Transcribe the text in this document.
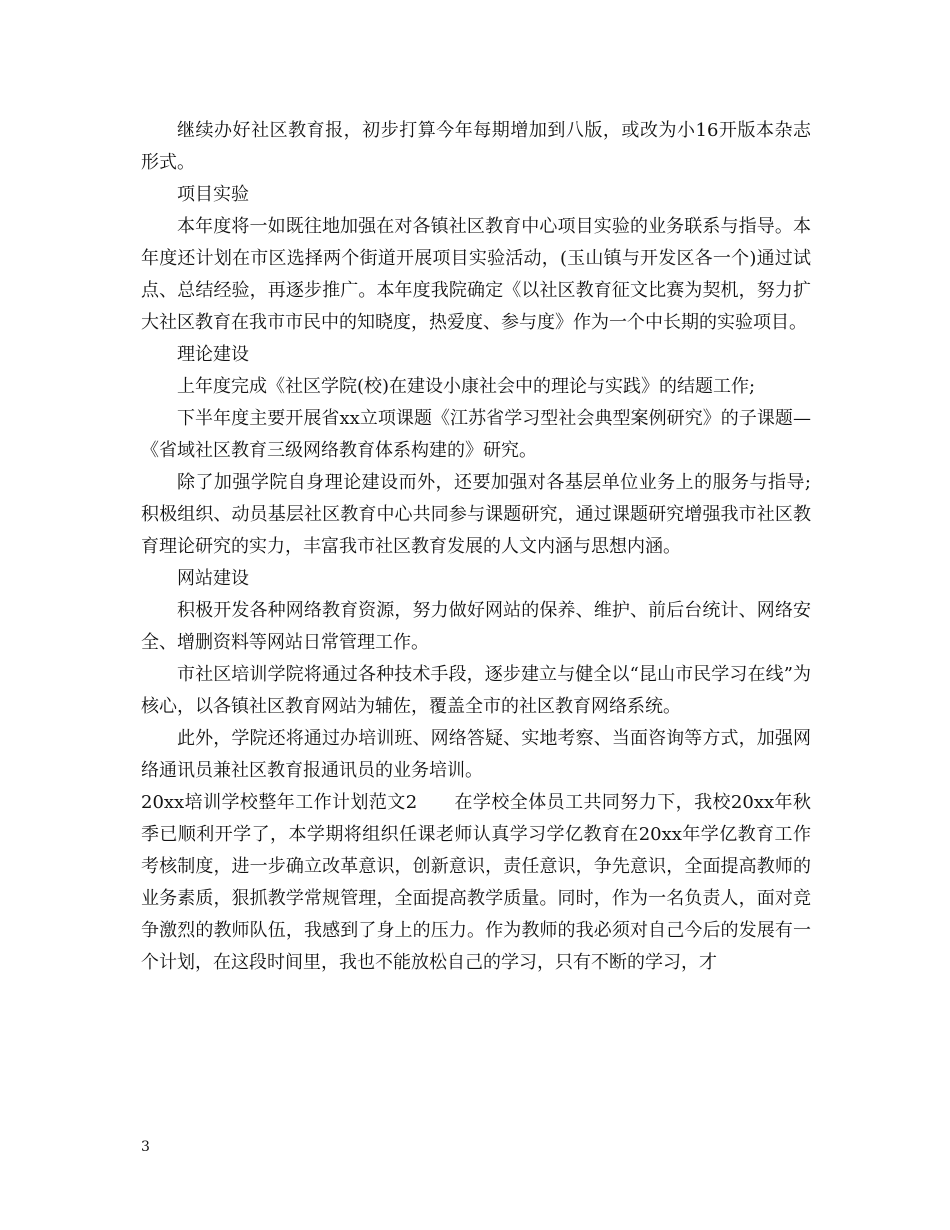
继续办好社区教育报，初步打算今年每期增加到八版，或改为小16开版本杂志形式。

项目实验

本年度将一如既往地加强在对各镇社区教育中心项目实验的业务联系与指导。本年度还计划在市区选择两个街道开展项目实验活动，(玉山镇与开发区各一个)通过试点、总结经验，再逐步推广。本年度我院确定《以社区教育征文比赛为契机，努力扩大社区教育在我市市民中的知晓度，热爱度、参与度》作为一个中长期的实验项目。

理论建设

上年度完成《社区学院(校)在建设小康社会中的理论与实践》的结题工作;

下半年度主要开展省xx立项课题《江苏省学习型社会典型案例研究》的子课题—《省域社区教育三级网络教育体系构建的》研究。

除了加强学院自身理论建设而外，还要加强对各基层单位业务上的服务与指导;积极组织、动员基层社区教育中心共同参与课题研究，通过课题研究增强我市社区教育理论研究的实力，丰富我市社区教育发展的人文内涵与思想内涵。

网站建设

积极开发各种网络教育资源，努力做好网站的保养、维护、前后台统计、网络安全、增删资料等网站日常管理工作。

市社区培训学院将通过各种技术手段，逐步建立与健全以“昆山市民学习在线”为核心，以各镇社区教育网站为辅佐，覆盖全市的社区教育网络系统。

此外，学院还将通过办培训班、网络答疑、实地考察、当面咨询等方式，加强网络通讯员兼社区教育报通讯员的业务培训。

20xx培训学校整年工作计划范文2　　在学校全体员工共同努力下，我校20xx年秋季已顺利开学了，本学期将组织任课老师认真学习学亿教育在20xx年学亿教育工作考核制度，进一步确立改革意识，创新意识，责任意识，争先意识，全面提高教师的业务素质，狠抓教学常规管理，全面提高教学质量。同时，作为一名负责人，面对竞争激烈的教师队伍，我感到了身上的压力。作为教师的我必须对自己今后的发展有一个计划，在这段时间里，我也不能放松自己的学习，只有不断的学习，才

3
